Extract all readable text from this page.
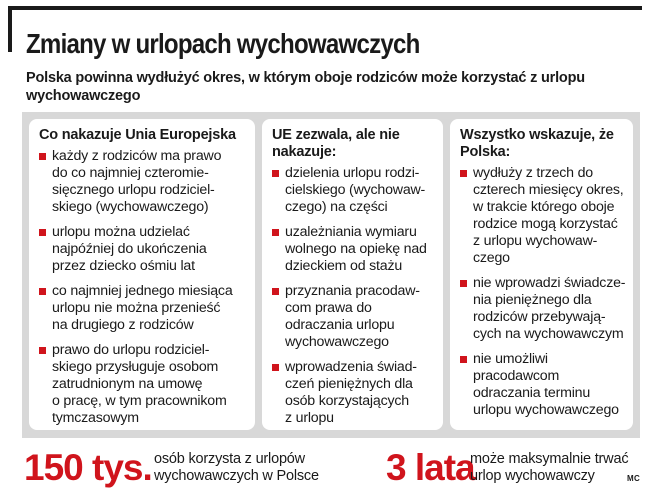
Zmiany w urlopach wychowawczych

Polska powinna wydłużyć okres, w którym oboje rodziców może korzystać z urlopu wychowawczego

Co nakazuje Unia Europejska
każdy z rodziców ma prawo
do co najmniej czteromie-
sięcznego urlopu rodziciel-
skiego (wychowawczego)
urlopu można udzielać
najpóźniej do ukończenia
przez dziecko ośmiu lat
co najmniej jednego miesiąca
urlopu nie można przenieść
na drugiego z rodziców
prawo do urlopu rodziciel-
skiego przysługuje osobom
zatrudnionym na umowę
o pracę, w tym pracownikom
tymczasowym
UE zezwala, ale nie nakazuje:
dzielenia urlopu rodzi-
cielskiego (wychowaw-
czego) na części
uzależniania wymiaru
wolnego na opiekę nad
dzieckiem od stażu
przyznania pracodaw-
com prawa do
odraczania urlopu
wychowawczego
wprowadzenia świad-
czeń pieniężnych dla
osób korzystających
z urlopu
Wszystko wskazuje, że Polska:
wydłuży z trzech do
czterech miesięcy okres,
w trakcie którego oboje
rodzice mogą korzystać
z urlopu wychowaw-
czego
nie wprowadzi świadcze-
nia pieniężnego dla
rodziców przebywają-
cych na wychowawczym
nie umożliwi
pracodawcom
odraczania terminu
urlopu wychowawczego
150 tys. osób korzysta z urlopów wychowawczych w Polsce	3 lata
może maksymalnie trwać urlop wychowawczy	MC
